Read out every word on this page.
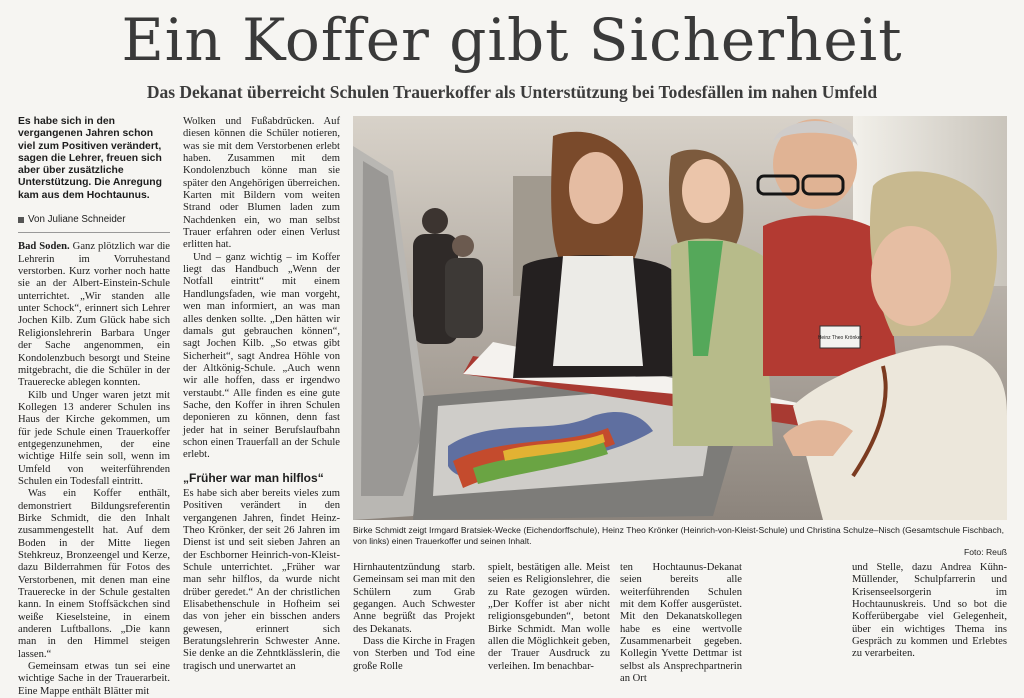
Ein Koffer gibt Sicherheit
Das Dekanat überreicht Schulen Trauerkoffer als Unterstützung bei Todesfällen im nahen Umfeld

Es habe sich in den vergangenen Jahren schon viel zum Positiven verändert, sagen die Lehrer, freuen sich aber über zusätzliche Unterstützung. Die Anregung kam aus dem Hochtaunus.

Von Juliane Schneider

Bad Soden. Ganz plötzlich war die Lehrerin im Vorruhestand verstorben. Kurz vorher noch hatte sie an der Albert-Einstein-Schule unterrichtet. „Wir standen alle unter Schock“, erinnert sich Lehrer Jochen Kilb. Zum Glück habe sich Religionslehrerin Barbara Unger der Sache angenommen, ein Kondolenzbuch besorgt und Steine mitgebracht, die die Schüler in der Trauerecke ablegen konnten.

Kilb und Unger waren jetzt mit Kollegen 13 anderer Schulen ins Haus der Kirche gekommen, um für jede Schule einen Trauerkoffer entgegenzunehmen, der eine wichtige Hilfe sein soll, wenn im Umfeld von weiterführenden Schulen ein Todesfall eintritt.

Was ein Koffer enthält, demonstriert Bildungsreferentin Birke Schmidt, die den Inhalt zusammengestellt hat. Auf dem Boden in der Mitte liegen Stehkreuz, Bronzeengel und Kerze, dazu Bilderrahmen für Fotos des Verstorbenen, mit denen man eine Trauerecke in der Schule gestalten kann. In einem Stoffsäckchen sind weiße Kieselsteine, in einem anderen Luftballons. „Die kann man in den Himmel steigen lassen.“

Gemeinsam etwas tun sei eine wichtige Sache in der Trauerarbeit. Eine Mappe enthält Blätter mit

Wolken und Fußabdrücken. Auf diesen können die Schüler notieren, was sie mit dem Verstorbenen erlebt haben. Zusammen mit dem Kondolenzbuch könne man sie später den Angehörigen überreichen. Karten mit Bildern vom weiten Strand oder Blumen laden zum Nachdenken ein, wo man selbst Trauer erfahren oder einen Verlust erlitten hat.

Und – ganz wichtig – im Koffer liegt das Handbuch „Wenn der Notfall eintritt“ mit einem Handlungsfaden, wie man vorgeht, wen man informiert, an was man alles denken sollte. „Den hätten wir damals gut gebrauchen können“, sagt Jochen Kilb. „So etwas gibt Sicherheit“, sagt Andrea Höhle von der Altkönig-Schule. „Auch wenn wir alle hoffen, dass er irgendwo verstaubt.“ Alle finden es eine gute Sache, den Koffer in ihren Schulen deponieren zu können, denn fast jeder hat in seiner Berufslaufbahn schon einen Trauerfall an der Schule erlebt.

„Früher war man hilflos“

Es habe sich aber bereits vieles zum Positiven verändert in den vergangenen Jahren, findet Heinz-Theo Krönker, der seit 26 Jahren im Dienst ist und seit sieben Jahren an der Eschborner Heinrich-von-Kleist-Schule unterrichtet. „Früher war man sehr hilflos, da wurde nicht drüber geredet.“ An der christlichen Elisabethenschule in Hofheim sei das von jeher ein bisschen anders gewesen, erinnert sich Beratungslehrerin Schwester Anne. Sie denke an die Zehntklässlerin, die tragisch und unerwartet an

Heinz Theo Krönker
Birke Schmidt zeigt Irmgard Bratsiek-Wecke (Eichendorffschule), Heinz Theo Krönker (Heinrich-von-Kleist-Schule) und Christina Schulze–Nisch (Gesamtschule Fischbach, von links) einen Trauerkoffer und seinen Inhalt.
Foto: Reuß

Hirnhautentzündung starb. Gemeinsam sei man mit den Schülern zum Grab gegangen. Auch Schwester Anne begrüßt das Projekt des Dekanats.

Dass die Kirche in Fragen von Sterben und Tod eine große Rolle

spielt, bestätigen alle. Meist seien es Religionslehrer, die zu Rate gezogen würden. „Der Koffer ist aber nicht religionsgebunden“, betont Birke Schmidt. Man wolle allen die Möglichkeit geben, der Trauer Ausdruck zu verleihen. Im benachbar-

ten Hochtaunus-Dekanat seien bereits alle weiterführenden Schulen mit dem Koffer ausgerüstet. Mit den Dekanatskollegen habe es eine wertvolle Zusammenarbeit gegeben. Kollegin Yvette Dettmar ist selbst als Ansprechpartnerin an Ort

und Stelle, dazu Andrea Kühn-Müllender, Schulpfarrerin und Krisenseelsorgerin im Hochtaunuskreis. Und so bot die Kofferübergabe viel Gelegenheit, über ein wichtiges Thema ins Gespräch zu kommen und Erlebtes zu verarbeiten.
